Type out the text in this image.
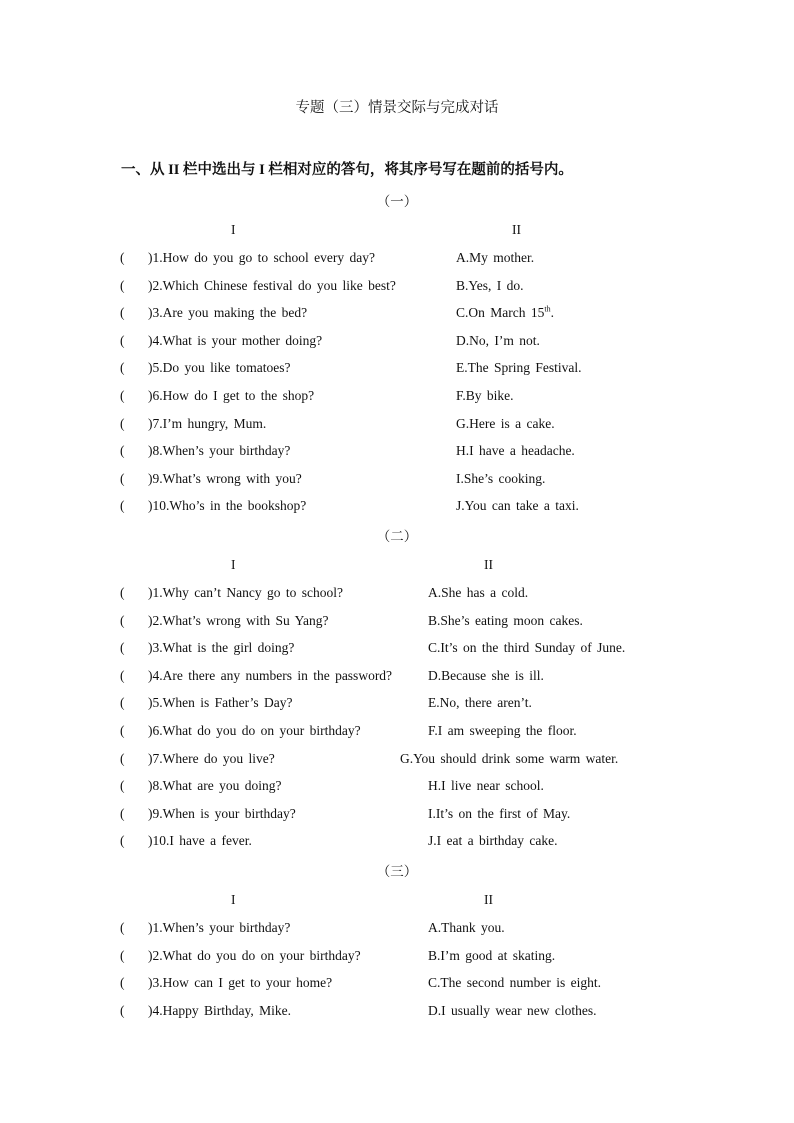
专题（三）情景交际与完成对话
一、从 II 栏中选出与 I 栏相对应的答句，将其序号写在题前的括号内。
（一）
I	II
( )1.How do you go to school every day?	A.My mother.
( )2.Which Chinese festival do you like best?	B.Yes, I do.
( )3.Are you making the bed?	C.On March 15th.
( )4.What is your mother doing?	D.No, I’m not.
( )5.Do you like tomatoes?	E.The Spring Festival.
( )6.How do I get to the shop?	F.By bike.
( )7.I’m hungry, Mum.	G.Here is a cake.
( )8.When’s your birthday?	H.I have a headache.
( )9.What’s wrong with you?	I.She’s cooking.
( )10.Who’s in the bookshop?	J.You can take a taxi.
（二）
I	II
( )1.Why can’t Nancy go to school?	A.She has a cold.
( )2.What’s wrong with Su Yang?	B.She’s eating moon cakes.
( )3.What is the girl doing?	C.It’s on the third Sunday of June.
( )4.Are there any numbers in the password?	D.Because she is ill.
( )5.When is Father’s Day?	E.No, there aren’t.
( )6.What do you do on your birthday?	F.I am sweeping the floor.
( )7.Where do you live?	G.You should drink some warm water.
( )8.What are you doing?	H.I live near school.
( )9.When is your birthday?	I.It’s on the first of May.
( )10.I have a fever.	J.I eat a birthday cake.
（三）
I	II
( )1.When’s your birthday?	A.Thank you.
( )2.What do you do on your birthday?	B.I’m good at skating.
( )3.How can I get to your home?	C.The second number is eight.
( )4.Happy Birthday, Mike.	D.I usually wear new clothes.
